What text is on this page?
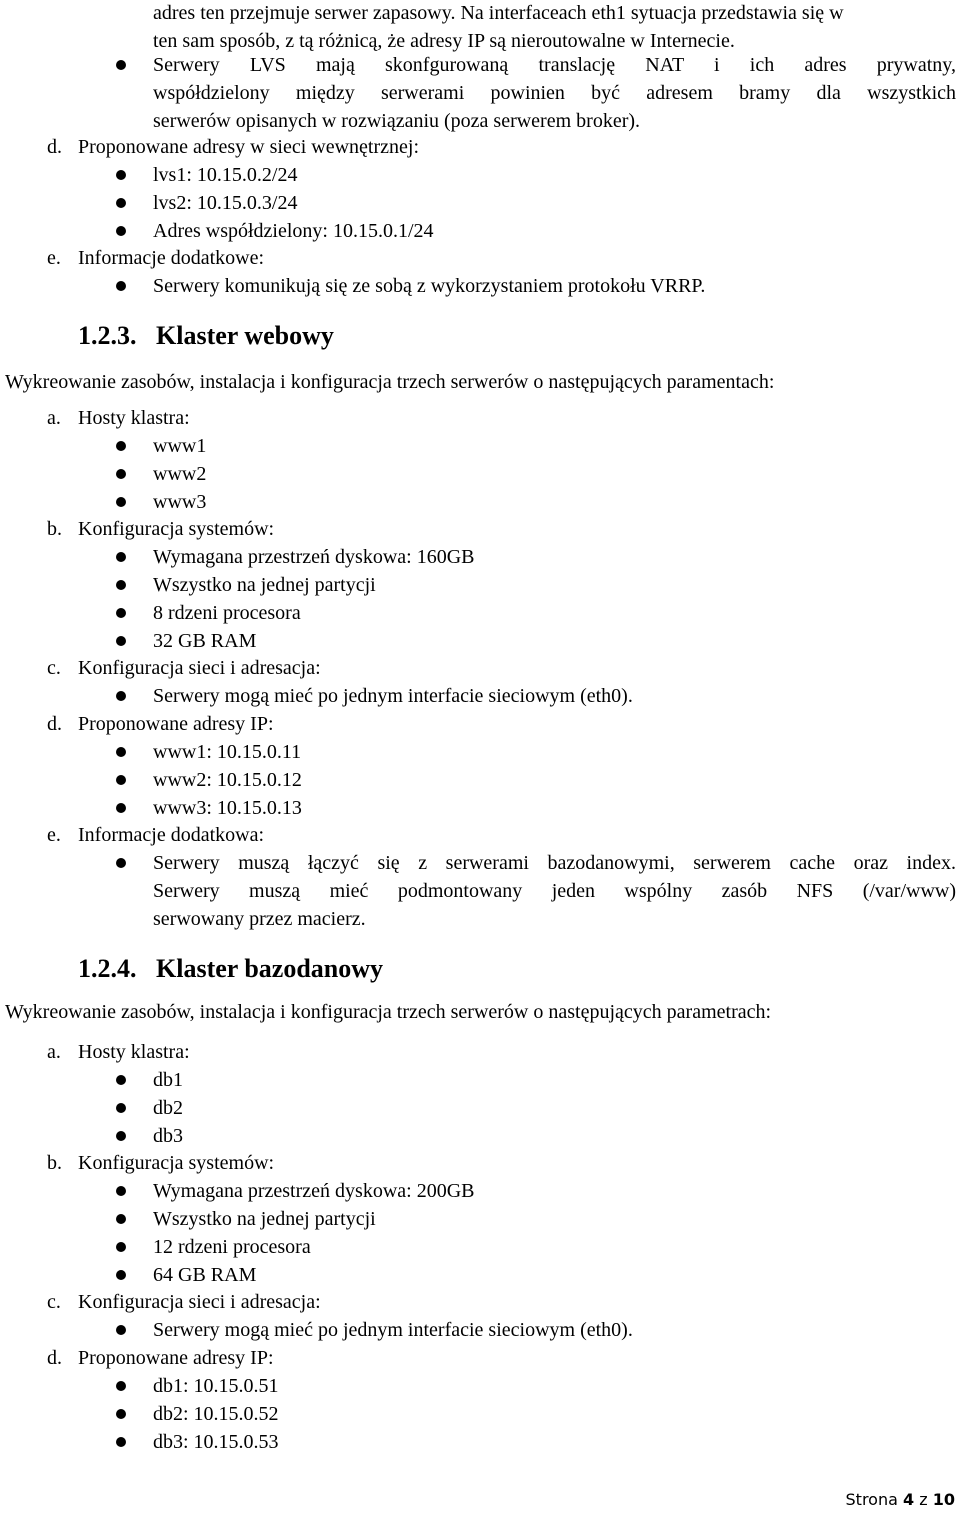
adres ten przejmuje serwer zapasowy. Na interfaceach eth1 sytuacja przedstawia się w
ten sam sposób, z tą różnicą, że adresy IP są nieroutowalne w Internecie.
Serwery LVS mają skonfgurowaną translację NAT i ich adres prywatny,
współdzielony między serwerami powinien być adresem bramy dla wszystkich
serwerów opisanych w rozwiązaniu (poza serwerem broker).
d. Proponowane adresy w sieci wewnętrznej:
lvs1: 10.15.0.2/24
lvs2: 10.15.0.3/24
Adres współdzielony: 10.15.0.1/24
e. Informacje dodatkowe:
Serwery komunikują się ze sobą z wykorzystaniem protokołu VRRP.
1.2.3. Klaster webowy
Wykreowanie zasobów, instalacja i konfiguracja trzech serwerów o następujących paramentach:
a. Hosty klastra:
www1
www2
www3
b. Konfiguracja systemów:
Wymagana przestrzeń dyskowa: 160GB
Wszystko na jednej partycji
8 rdzeni procesora
32 GB RAM
c. Konfiguracja sieci i adresacja:
Serwery mogą mieć po jednym interfacie sieciowym (eth0).
d. Proponowane adresy IP:
www1: 10.15.0.11
www2: 10.15.0.12
www3: 10.15.0.13
e. Informacje dodatkowa:
Serwery muszą łączyć się z serwerami bazodanowymi, serwerem cache oraz index.
Serwery muszą mieć podmontowany jeden wspólny zasób NFS (/var/www)
serwowany przez macierz.
1.2.4. Klaster bazodanowy
Wykreowanie zasobów, instalacja i konfiguracja trzech serwerów o następujących parametrach:
a. Hosty klastra:
db1
db2
db3
b. Konfiguracja systemów:
Wymagana przestrzeń dyskowa: 200GB
Wszystko na jednej partycji
12 rdzeni procesora
64 GB RAM
c. Konfiguracja sieci i adresacja:
Serwery mogą mieć po jednym interfacie sieciowym (eth0).
d. Proponowane adresy IP:
db1: 10.15.0.51
db2: 10.15.0.52
db3: 10.15.0.53
Strona 4 z 10
